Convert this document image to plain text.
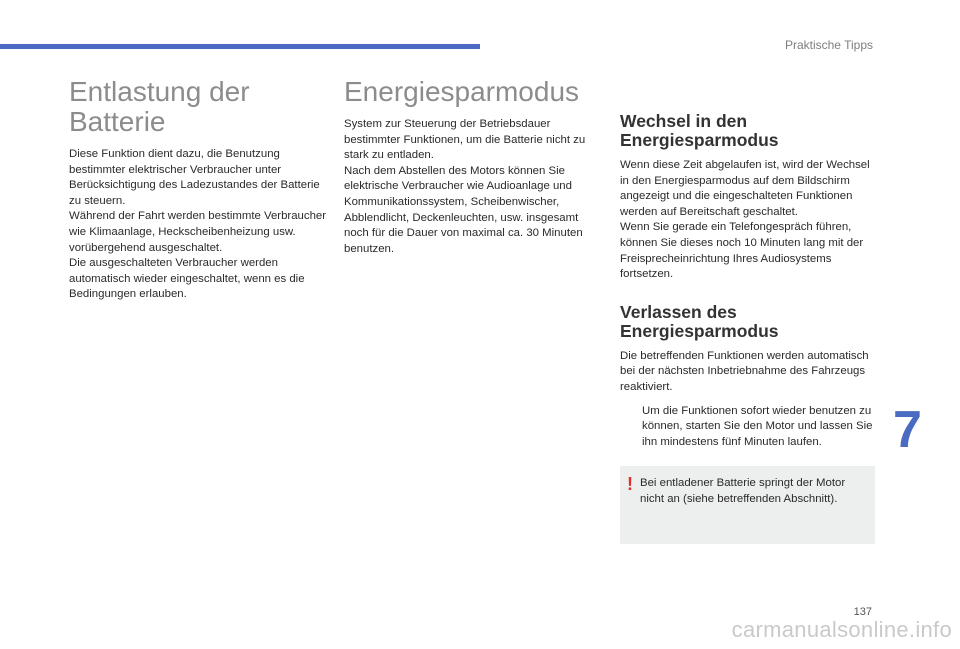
Praktische Tipps
Entlastung der Batterie

Diese Funktion dient dazu, die Benutzung bestimmter elektrischer Verbraucher unter Berücksichtigung des Ladezustandes der Batterie zu steuern.

Während der Fahrt werden bestimmte Verbraucher wie Klimaanlage, Heckscheibenheizung usw. vorübergehend ausgeschaltet.

Die ausgeschalteten Verbraucher werden automatisch wieder eingeschaltet, wenn es die Bedingungen erlauben.

Energiesparmodus

System zur Steuerung der Betriebsdauer bestimmter Funktionen, um die Batterie nicht zu stark zu entladen.

Nach dem Abstellen des Motors können Sie elektrische Verbraucher wie Audioanlage und Kommunikationssystem, Scheibenwischer, Abblendlicht, Deckenleuchten, usw. insgesamt noch für die Dauer von maximal ca. 30 Minuten benutzen.

Wechsel in den Energiesparmodus

Wenn diese Zeit abgelaufen ist, wird der Wechsel in den Energiesparmodus auf dem Bildschirm angezeigt und die eingeschalteten Funktionen werden auf Bereitschaft geschaltet.

Wenn Sie gerade ein Telefongespräch führen, können Sie dieses noch 10 Minuten lang mit der Freisprecheinrichtung Ihres Audiosystems fortsetzen.

Verlassen des Energiesparmodus

Die betreffenden Funktionen werden automatisch bei der nächsten Inbetriebnahme des Fahrzeugs reaktiviert.

Um die Funktionen sofort wieder benutzen zu können, starten Sie den Motor und lassen Sie ihn mindestens fünf Minuten laufen.

! Bei entladener Batterie springt der Motor nicht an (siehe betreffenden Abschnitt).
7
137
carmanualsonline.info
